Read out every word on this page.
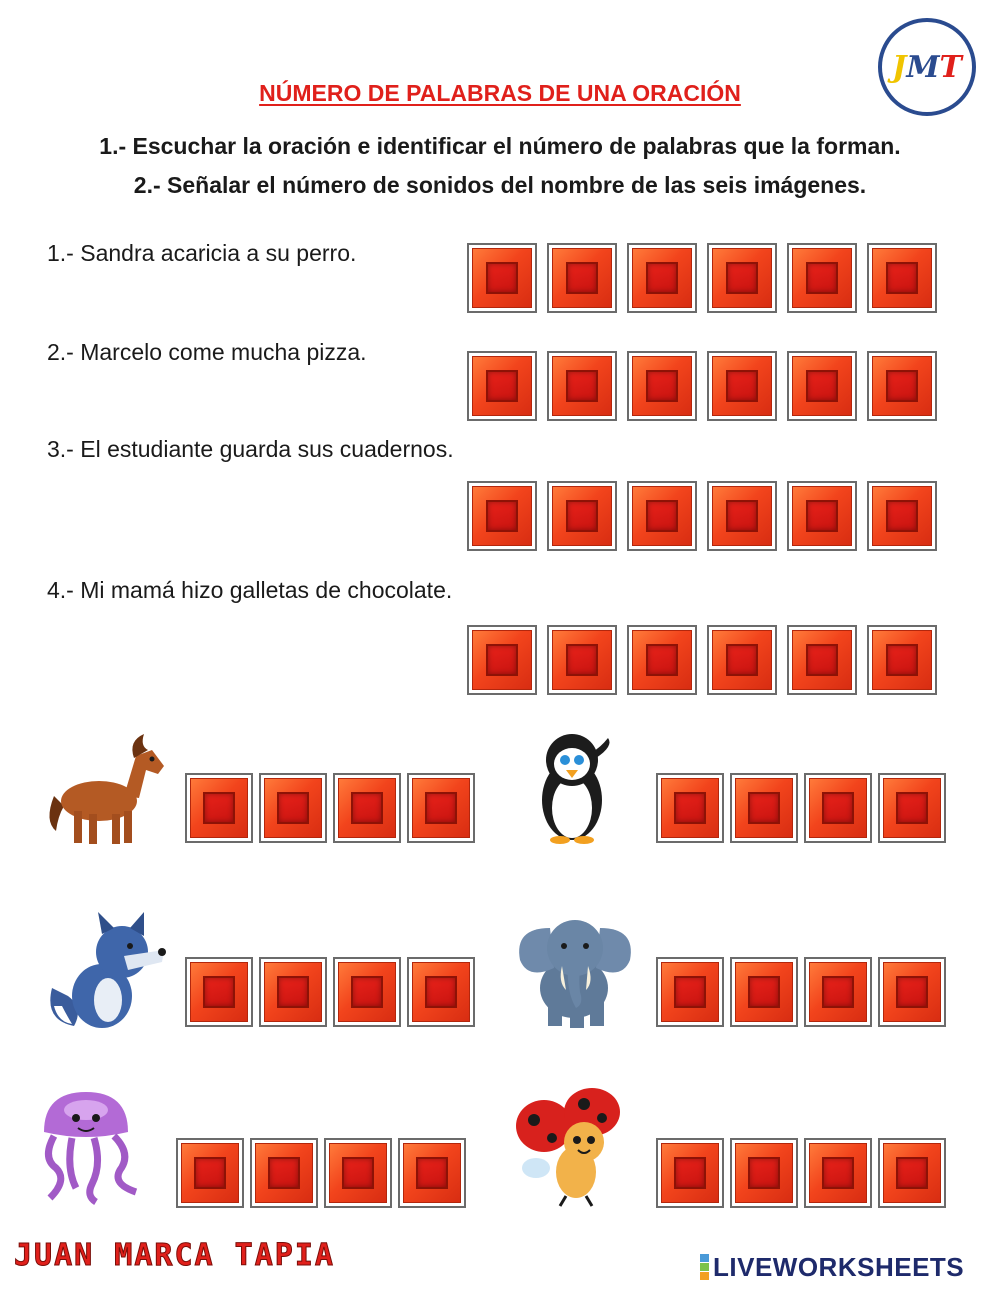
J M T
NÚMERO DE PALABRAS DE UNA ORACIÓN
1.- Escuchar la oración e identificar el número de palabras que la forman.
2.- Señalar el número de sonidos del nombre de las seis imágenes.
1.- Sandra acaricia a su perro.
2.- Marcelo come mucha pizza.
3.- El estudiante guarda sus cuadernos.
4.- Mi mamá hizo galletas de chocolate.
JUAN MARCA TAPIA	LIVEWORKSHEETS
